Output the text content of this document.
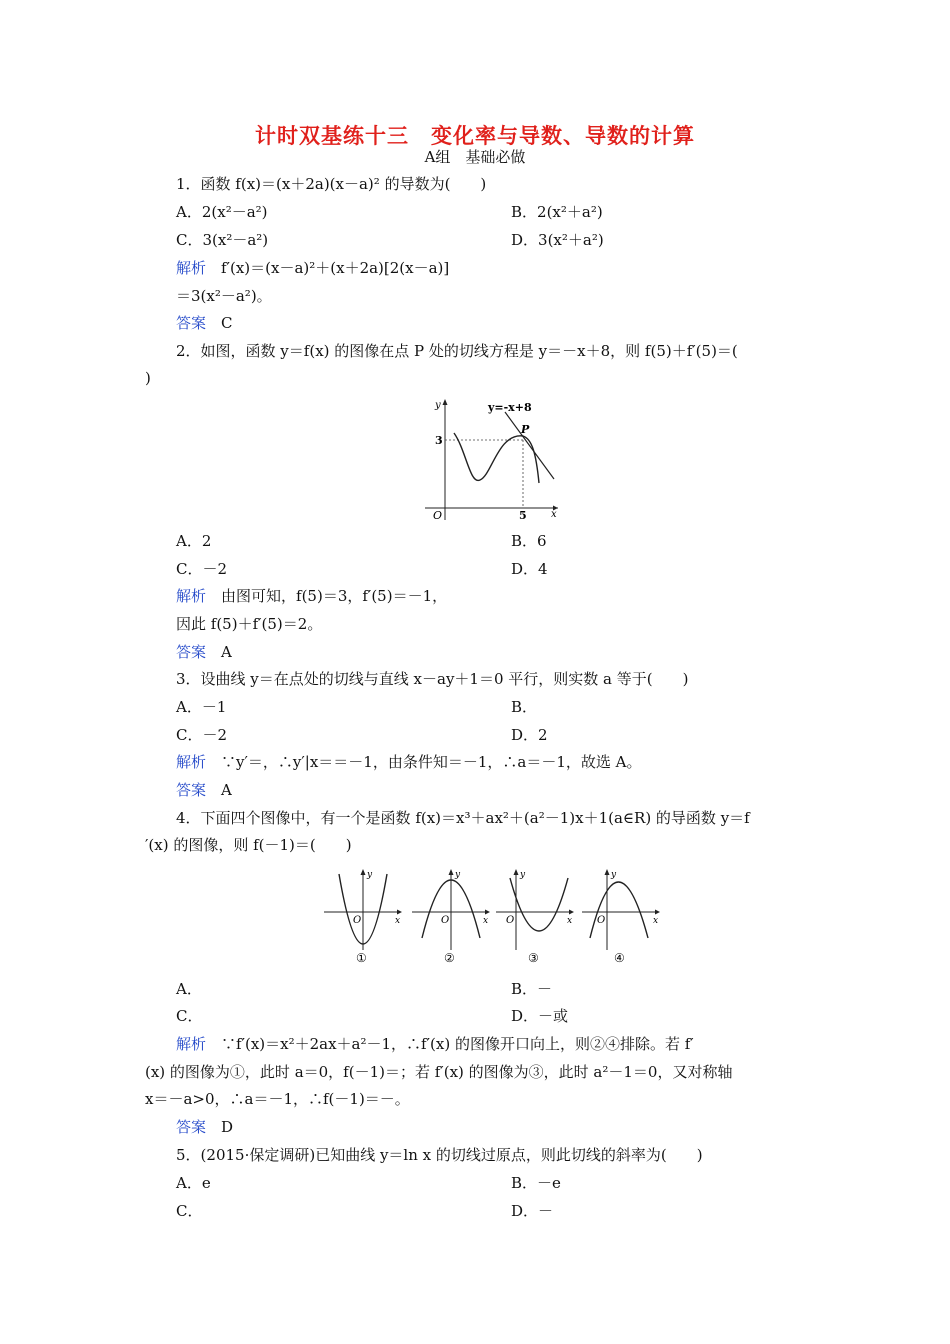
计时双基练十三　变化率与导数、导数的计算
A组　基础必做
1．函数 f(x)＝(x＋2a)(x－a)² 的导数为(　　)
A．2(x²－a²)	B．2(x²＋a²)
C．3(x²－a²)	D．3(x²＋a²)
解析　f′(x)＝(x－a)²＋(x＋2a)[2(x－a)]
＝3(x²－a²)。
答案　C
2．如图，函数 y＝f(x) 的图像在点 P 处的切线方程是 y＝－x＋8，则 f(5)＋f′(5)＝(
)
y=-x+8
P
3
5
O	x
y
A．2	B．6
C．－2	D．4
解析　由图可知，f(5)＝3，f′(5)＝－1，
因此 f(5)＋f′(5)＝2。
答案　A
3．设曲线 y＝在点处的切线与直线 x－ay＋1＝0 平行，则实数 a 等于(　　)
A．－1	B．
C．－2	D．2
解析　∵y′＝，∴y′|x＝＝－1，由条件知＝－1，∴a＝－1，故选 A。
答案　A
4．下面四个图像中，有一个是函数 f(x)＝x³＋ax²＋(a²－1)x＋1(a∈R) 的导函数 y＝f
′(x) 的图像，则 f(－1)＝(　　)
O	x
y
①
O	x
y
②
O	x
y
③
O	x
y
④
A．	B．－
C．	D．－或
解析　∵f′(x)＝x²＋2ax＋a²－1，∴f′(x) 的图像开口向上，则②④排除。若 f′
(x) 的图像为①，此时 a＝0，f(－1)＝；若 f′(x) 的图像为③，此时 a²－1＝0，又对称轴
x＝－a>0，∴a＝－1，∴f(－1)＝－。
答案　D
5．(2015·保定调研)已知曲线 y＝ln x 的切线过原点，则此切线的斜率为(　　)
A．e	B．－e
C．	D．－
